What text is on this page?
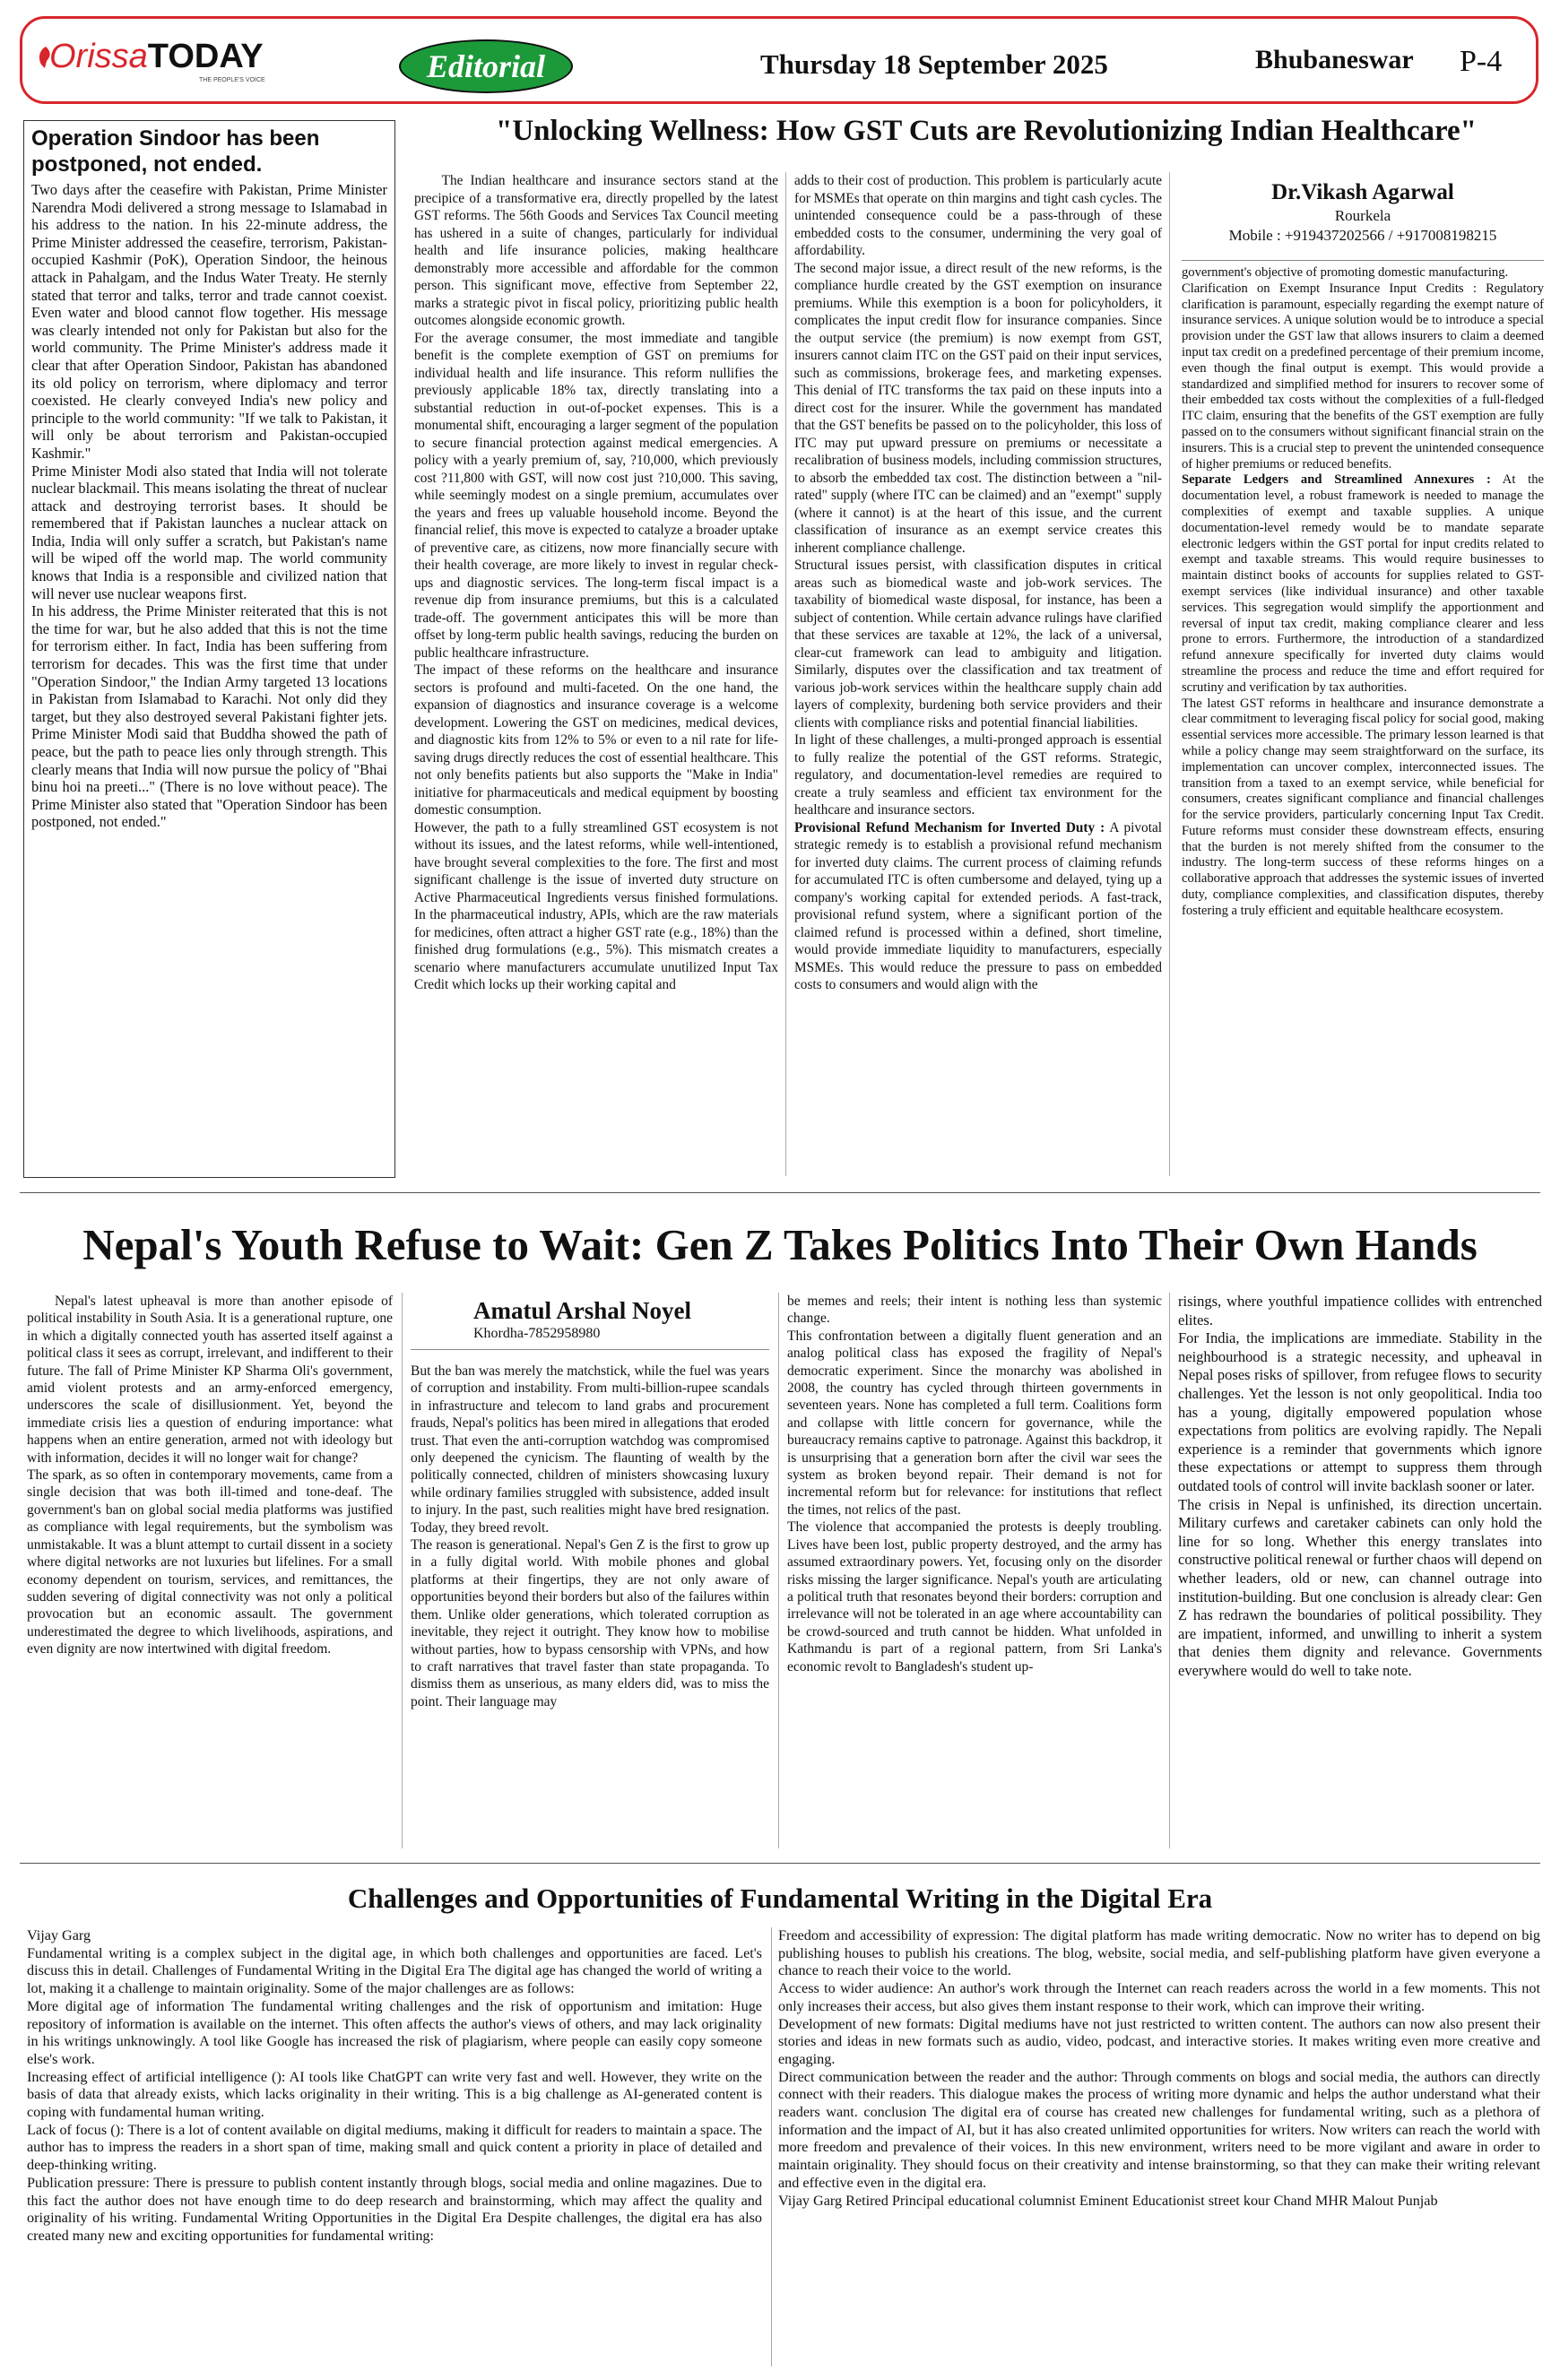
OrissaTODAY
THE PEOPLE'S VOICE	Editorial	Thursday 18 September 2025	Bhubaneswar P-4
Operation Sindoor has been postponed, not ended.

Two days after the ceasefire with Pakistan, Prime Minister Narendra Modi delivered a strong message to Islamabad in his address to the nation. In his 22-minute address, the Prime Minister addressed the ceasefire, terrorism, Pakistan-occupied Kashmir (PoK), Operation Sindoor, the heinous attack in Pahalgam, and the Indus Water Treaty. He sternly stated that terror and talks, terror and trade cannot coexist. Even water and blood cannot flow together. His message was clearly intended not only for Pakistan but also for the world community. The Prime Minister's address made it clear that after Operation Sindoor, Pakistan has abandoned its old policy on terrorism, where diplomacy and terror coexisted. He clearly conveyed India's new policy and principle to the world community: "If we talk to Pakistan, it will only be about terrorism and Pakistan-occupied Kashmir."

Prime Minister Modi also stated that India will not tolerate nuclear blackmail. This means isolating the threat of nuclear attack and destroying terrorist bases. It should be remembered that if Pakistan launches a nuclear attack on India, India will only suffer a scratch, but Pakistan's name will be wiped off the world map. The world community knows that India is a responsible and civilized nation that will never use nuclear weapons first.

In his address, the Prime Minister reiterated that this is not the time for war, but he also added that this is not the time for terrorism either. In fact, India has been suffering from terrorism for decades. This was the first time that under "Operation Sindoor," the Indian Army targeted 13 locations in Pakistan from Islamabad to Karachi. Not only did they target, but they also destroyed several Pakistani fighter jets. Prime Minister Modi said that Buddha showed the path of peace, but the path to peace lies only through strength. This clearly means that India will now pursue the policy of "Bhai binu hoi na preeti..." (There is no love without peace). The Prime Minister also stated that "Operation Sindoor has been postponed, not ended."

"Unlocking Wellness: How GST Cuts are Revolutionizing Indian Healthcare"

The Indian healthcare and insurance sectors stand at the precipice of a transformative era, directly propelled by the latest GST reforms. The 56th Goods and Services Tax Council meeting has ushered in a suite of changes, particularly for individual health and life insurance policies, making healthcare demonstrably more accessible and affordable for the common person. This significant move, effective from September 22, marks a strategic pivot in fiscal policy, prioritizing public health outcomes alongside economic growth.

For the average consumer, the most immediate and tangible benefit is the complete exemption of GST on premiums for individual health and life insurance. This reform nullifies the previously applicable 18% tax, directly translating into a substantial reduction in out-of-pocket expenses. This is a monumental shift, encouraging a larger segment of the population to secure financial protection against medical emergencies. A policy with a yearly premium of, say, ?10,000, which previously cost ?11,800 with GST, will now cost just ?10,000. This saving, while seemingly modest on a single premium, accumulates over the years and frees up valuable household income. Beyond the financial relief, this move is expected to catalyze a broader uptake of preventive care, as citizens, now more financially secure with their health coverage, are more likely to invest in regular check-ups and diagnostic services. The long-term fiscal impact is a revenue dip from insurance premiums, but this is a calculated trade-off. The government anticipates this will be more than offset by long-term public health savings, reducing the burden on public healthcare infrastructure.

The impact of these reforms on the healthcare and insurance sectors is profound and multi-faceted. On the one hand, the expansion of diagnostics and insurance coverage is a welcome development. Lowering the GST on medicines, medical devices, and diagnostic kits from 12% to 5% or even to a nil rate for life-saving drugs directly reduces the cost of essential healthcare. This not only benefits patients but also supports the "Make in India" initiative for pharmaceuticals and medical equipment by boosting domestic consumption.

However, the path to a fully streamlined GST ecosystem is not without its issues, and the latest reforms, while well-intentioned, have brought several complexities to the fore. The first and most significant challenge is the issue of inverted duty structure on Active Pharmaceutical Ingredients versus finished formulations. In the pharmaceutical industry, APIs, which are the raw materials for medicines, often attract a higher GST rate (e.g., 18%) than the finished drug formulations (e.g., 5%). This mismatch creates a scenario where manufacturers accumulate unutilized Input Tax Credit which locks up their working capital and

adds to their cost of production. This problem is particularly acute for MSMEs that operate on thin margins and tight cash cycles. The unintended consequence could be a pass-through of these embedded costs to the consumer, undermining the very goal of affordability.

The second major issue, a direct result of the new reforms, is the compliance hurdle created by the GST exemption on insurance premiums. While this exemption is a boon for policyholders, it complicates the input credit flow for insurance companies. Since the output service (the premium) is now exempt from GST, insurers cannot claim ITC on the GST paid on their input services, such as commissions, brokerage fees, and marketing expenses. This denial of ITC transforms the tax paid on these inputs into a direct cost for the insurer. While the government has mandated that the GST benefits be passed on to the policyholder, this loss of ITC may put upward pressure on premiums or necessitate a recalibration of business models, including commission structures, to absorb the embedded tax cost. The distinction between a "nil-rated" supply (where ITC can be claimed) and an "exempt" supply (where it cannot) is at the heart of this issue, and the current classification of insurance as an exempt service creates this inherent compliance challenge.

Structural issues persist, with classification disputes in critical areas such as biomedical waste and job-work services. The taxability of biomedical waste disposal, for instance, has been a subject of contention. While certain advance rulings have clarified that these services are taxable at 12%, the lack of a universal, clear-cut framework can lead to ambiguity and litigation. Similarly, disputes over the classification and tax treatment of various job-work services within the healthcare supply chain add layers of complexity, burdening both service providers and their clients with compliance risks and potential financial liabilities.

In light of these challenges, a multi-pronged approach is essential to fully realize the potential of the GST reforms. Strategic, regulatory, and documentation-level remedies are required to create a truly seamless and efficient tax environment for the healthcare and insurance sectors.

Provisional Refund Mechanism for Inverted Duty : A pivotal strategic remedy is to establish a provisional refund mechanism for inverted duty claims. The current process of claiming refunds for accumulated ITC is often cumbersome and delayed, tying up a company's working capital for extended periods. A fast-track, provisional refund system, where a significant portion of the claimed refund is processed within a defined, short timeline, would provide immediate liquidity to manufacturers, especially MSMEs. This would reduce the pressure to pass on embedded costs to consumers and would align with the

Dr.Vikash Agarwal
Rourkela
Mobile : +919437202566 / +917008198215

government's objective of promoting domestic manufacturing.

Clarification on Exempt Insurance Input Credits : Regulatory clarification is paramount, especially regarding the exempt nature of insurance services. A unique solution would be to introduce a special provision under the GST law that allows insurers to claim a deemed input tax credit on a predefined percentage of their premium income, even though the final output is exempt. This would provide a standardized and simplified method for insurers to recover some of their embedded tax costs without the complexities of a full-fledged ITC claim, ensuring that the benefits of the GST exemption are fully passed on to the consumers without significant financial strain on the insurers. This is a crucial step to prevent the unintended consequence of higher premiums or reduced benefits.

Separate Ledgers and Streamlined Annexures : At the documentation level, a robust framework is needed to manage the complexities of exempt and taxable supplies. A unique documentation-level remedy would be to mandate separate electronic ledgers within the GST portal for input credits related to exempt and taxable streams. This would require businesses to maintain distinct books of accounts for supplies related to GST-exempt services (like individual insurance) and other taxable services. This segregation would simplify the apportionment and reversal of input tax credit, making compliance clearer and less prone to errors. Furthermore, the introduction of a standardized refund annexure specifically for inverted duty claims would streamline the process and reduce the time and effort required for scrutiny and verification by tax authorities.

The latest GST reforms in healthcare and insurance demonstrate a clear commitment to leveraging fiscal policy for social good, making essential services more accessible. The primary lesson learned is that while a policy change may seem straightforward on the surface, its implementation can uncover complex, interconnected issues. The transition from a taxed to an exempt service, while beneficial for consumers, creates significant compliance and financial challenges for the service providers, particularly concerning Input Tax Credit. Future reforms must consider these downstream effects, ensuring that the burden is not merely shifted from the consumer to the industry. The long-term success of these reforms hinges on a collaborative approach that addresses the systemic issues of inverted duty, compliance complexities, and classification disputes, thereby fostering a truly efficient and equitable healthcare ecosystem.

Nepal's Youth Refuse to Wait: Gen Z Takes Politics Into Their Own Hands

Nepal's latest upheaval is more than another episode of political instability in South Asia. It is a generational rupture, one in which a digitally connected youth has asserted itself against a political class it sees as corrupt, irrelevant, and indifferent to their future. The fall of Prime Minister KP Sharma Oli's government, amid violent protests and an army-enforced emergency, underscores the scale of disillusionment. Yet, beyond the immediate crisis lies a question of enduring importance: what happens when an entire generation, armed not with ideology but with information, decides it will no longer wait for change?

The spark, as so often in contemporary movements, came from a single decision that was both ill-timed and tone-deaf. The government's ban on global social media platforms was justified as compliance with legal requirements, but the symbolism was unmistakable. It was a blunt attempt to curtail dissent in a society where digital networks are not luxuries but lifelines. For a small economy dependent on tourism, services, and remittances, the sudden severing of digital connectivity was not only a political provocation but an economic assault. The government underestimated the degree to which livelihoods, aspirations, and even dignity are now intertwined with digital freedom.

Amatul Arshal Noyel
Khordha-7852958980

But the ban was merely the matchstick, while the fuel was years of corruption and instability. From multi-billion-rupee scandals in infrastructure and telecom to land grabs and procurement frauds, Nepal's politics has been mired in allegations that eroded trust. That even the anti-corruption watchdog was compromised only deepened the cynicism. The flaunting of wealth by the politically connected, children of ministers showcasing luxury while ordinary families struggled with subsistence, added insult to injury. In the past, such realities might have bred resignation. Today, they breed revolt.

The reason is generational. Nepal's Gen Z is the first to grow up in a fully digital world. With mobile phones and global platforms at their fingertips, they are not only aware of opportunities beyond their borders but also of the failures within them. Unlike older generations, which tolerated corruption as inevitable, they reject it outright. They know how to mobilise without parties, how to bypass censorship with VPNs, and how to craft narratives that travel faster than state propaganda. To dismiss them as unserious, as many elders did, was to miss the point. Their language may

be memes and reels; their intent is nothing less than systemic change.

This confrontation between a digitally fluent generation and an analog political class has exposed the fragility of Nepal's democratic experiment. Since the monarchy was abolished in 2008, the country has cycled through thirteen governments in seventeen years. None has completed a full term. Coalitions form and collapse with little concern for governance, while the bureaucracy remains captive to patronage. Against this backdrop, it is unsurprising that a generation born after the civil war sees the system as broken beyond repair. Their demand is not for incremental reform but for relevance: for institutions that reflect the times, not relics of the past.

The violence that accompanied the protests is deeply troubling. Lives have been lost, public property destroyed, and the army has assumed extraordinary powers. Yet, focusing only on the disorder risks missing the larger significance. Nepal's youth are articulating a political truth that resonates beyond their borders: corruption and irrelevance will not be tolerated in an age where accountability can be crowd-sourced and truth cannot be hidden. What unfolded in Kathmandu is part of a regional pattern, from Sri Lanka's economic revolt to Bangladesh's student up-

risings, where youthful impatience collides with entrenched elites.

For India, the implications are immediate. Stability in the neighbourhood is a strategic necessity, and upheaval in Nepal poses risks of spillover, from refugee flows to security challenges. Yet the lesson is not only geopolitical. India too has a young, digitally empowered population whose expectations from politics are evolving rapidly. The Nepali experience is a reminder that governments which ignore these expectations or attempt to suppress them through outdated tools of control will invite backlash sooner or later.

The crisis in Nepal is unfinished, its direction uncertain. Military curfews and caretaker cabinets can only hold the line for so long. Whether this energy translates into constructive political renewal or further chaos will depend on whether leaders, old or new, can channel outrage into institution-building. But one conclusion is already clear: Gen Z has redrawn the boundaries of political possibility. They are impatient, informed, and unwilling to inherit a system that denies them dignity and relevance. Governments everywhere would do well to take note.

Challenges and Opportunities of Fundamental Writing in the Digital Era

Vijay Garg

Fundamental writing is a complex subject in the digital age, in which both challenges and opportunities are faced. Let's discuss this in detail. Challenges of Fundamental Writing in the Digital Era The digital age has changed the world of writing a lot, making it a challenge to maintain originality. Some of the major challenges are as follows:

More digital age of information The fundamental writing challenges and the risk of opportunism and imitation: Huge repository of information is available on the internet. This often affects the author's views of others, and may lack originality in his writings unknowingly. A tool like Google has increased the risk of plagiarism, where people can easily copy someone else's work.

Increasing effect of artificial intelligence (): AI tools like ChatGPT can write very fast and well. However, they write on the basis of data that already exists, which lacks originality in their writing. This is a big challenge as AI-generated content is coping with fundamental human writing.

Lack of focus (): There is a lot of content available on digital mediums, making it difficult for readers to maintain a space. The author has to impress the readers in a short span of time, making small and quick content a priority in place of detailed and deep-thinking writing.

Publication pressure: There is pressure to publish content instantly through blogs, social media and online magazines. Due to this fact the author does not have enough time to do deep research and brainstorming, which may affect the quality and originality of his writing. Fundamental Writing Opportunities in the Digital Era Despite challenges, the digital era has also created many new and exciting opportunities for fundamental writing:

Freedom and accessibility of expression: The digital platform has made writing democratic. Now no writer has to depend on big publishing houses to publish his creations. The blog, website, social media, and self-publishing platform have given everyone a chance to reach their voice to the world.

Access to wider audience: An author's work through the Internet can reach readers across the world in a few moments. This not only increases their access, but also gives them instant response to their work, which can improve their writing.

Development of new formats: Digital mediums have not just restricted to written content. The authors can now also present their stories and ideas in new formats such as audio, video, podcast, and interactive stories. It makes writing even more creative and engaging.

Direct communication between the reader and the author: Through comments on blogs and social media, the authors can directly connect with their readers. This dialogue makes the process of writing more dynamic and helps the author understand what their readers want. conclusion The digital era of course has created new challenges for fundamental writing, such as a plethora of information and the impact of AI, but it has also created unlimited opportunities for writers. Now writers can reach the world with more freedom and prevalence of their voices. In this new environment, writers need to be more vigilant and aware in order to maintain originality. They should focus on their creativity and intense brainstorming, so that they can make their writing relevant and effective even in the digital era.

Vijay Garg Retired Principal educational columnist Eminent Educationist street kour Chand MHR Malout Punjab
